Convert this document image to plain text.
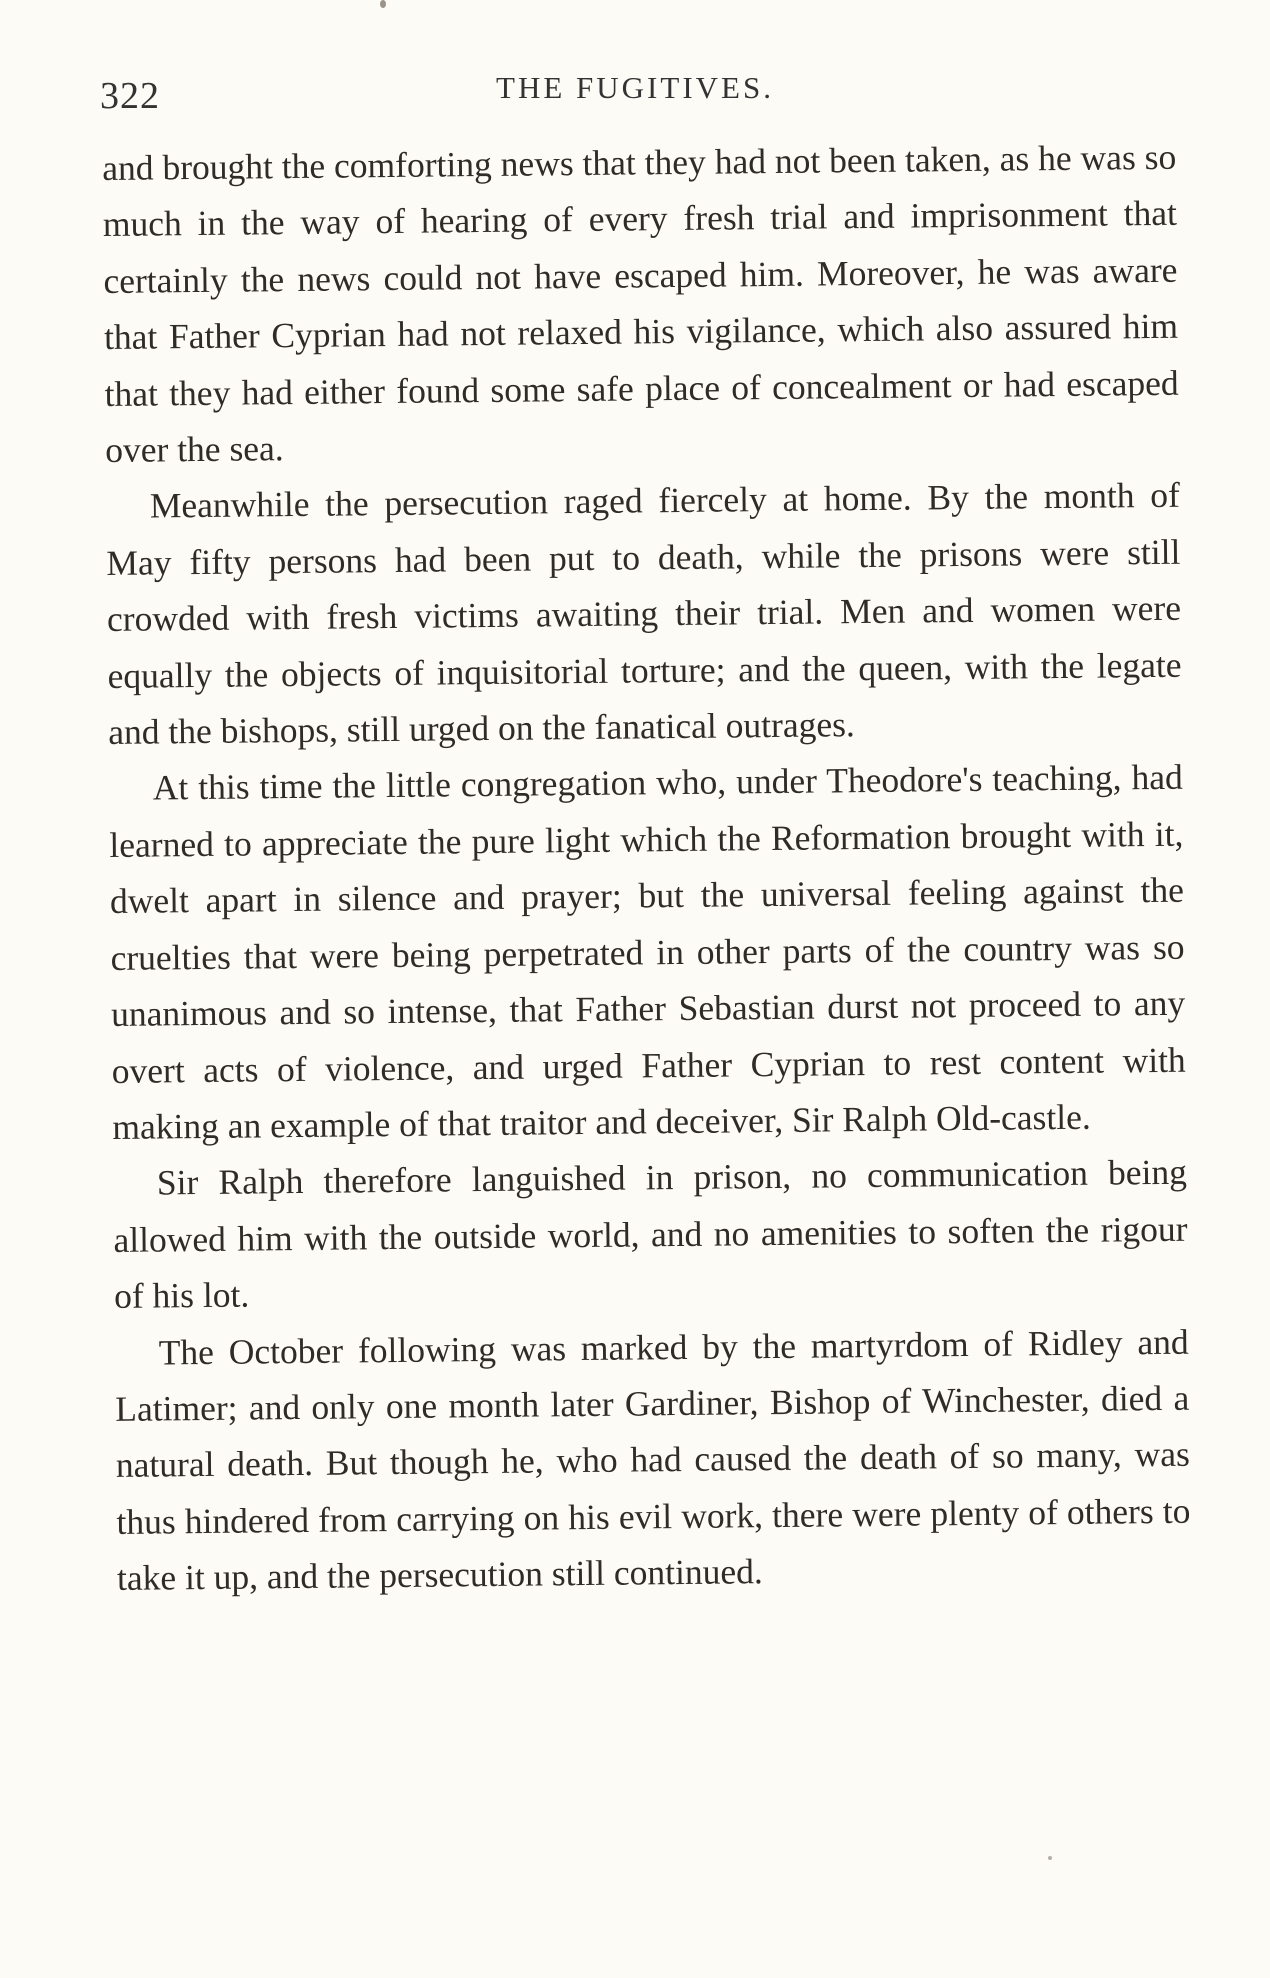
322	THE FUGITIVES.

and brought the comforting news that they had not been taken, as he was so much in the way of hearing of every fresh trial and imprisonment that certainly the news could not have escaped him. Moreover, he was aware that Father Cyprian had not relaxed his vigilance, which also assured him that they had either found some safe place of concealment or had escaped over the sea.

Meanwhile the persecution raged fiercely at home. By the month of May fifty persons had been put to death, while the prisons were still crowded with fresh victims awaiting their trial. Men and women were equally the objects of inquisitorial torture; and the queen, with the legate and the bishops, still urged on the fanatical outrages.

At this time the little congregation who, under Theodore's teaching, had learned to appreciate the pure light which the Reformation brought with it, dwelt apart in silence and prayer; but the universal feeling against the cruelties that were being perpetrated in other parts of the country was so unanimous and so intense, that Father Sebastian durst not proceed to any overt acts of violence, and urged Father Cyprian to rest content with making an example of that traitor and deceiver, Sir Ralph Old-castle.

Sir Ralph therefore languished in prison, no communication being allowed him with the outside world, and no amenities to soften the rigour of his lot.

The October following was marked by the martyrdom of Ridley and Latimer; and only one month later Gardiner, Bishop of Winchester, died a natural death. But though he, who had caused the death of so many, was thus hindered from carrying on his evil work, there were plenty of others to take it up, and the persecution still continued.
